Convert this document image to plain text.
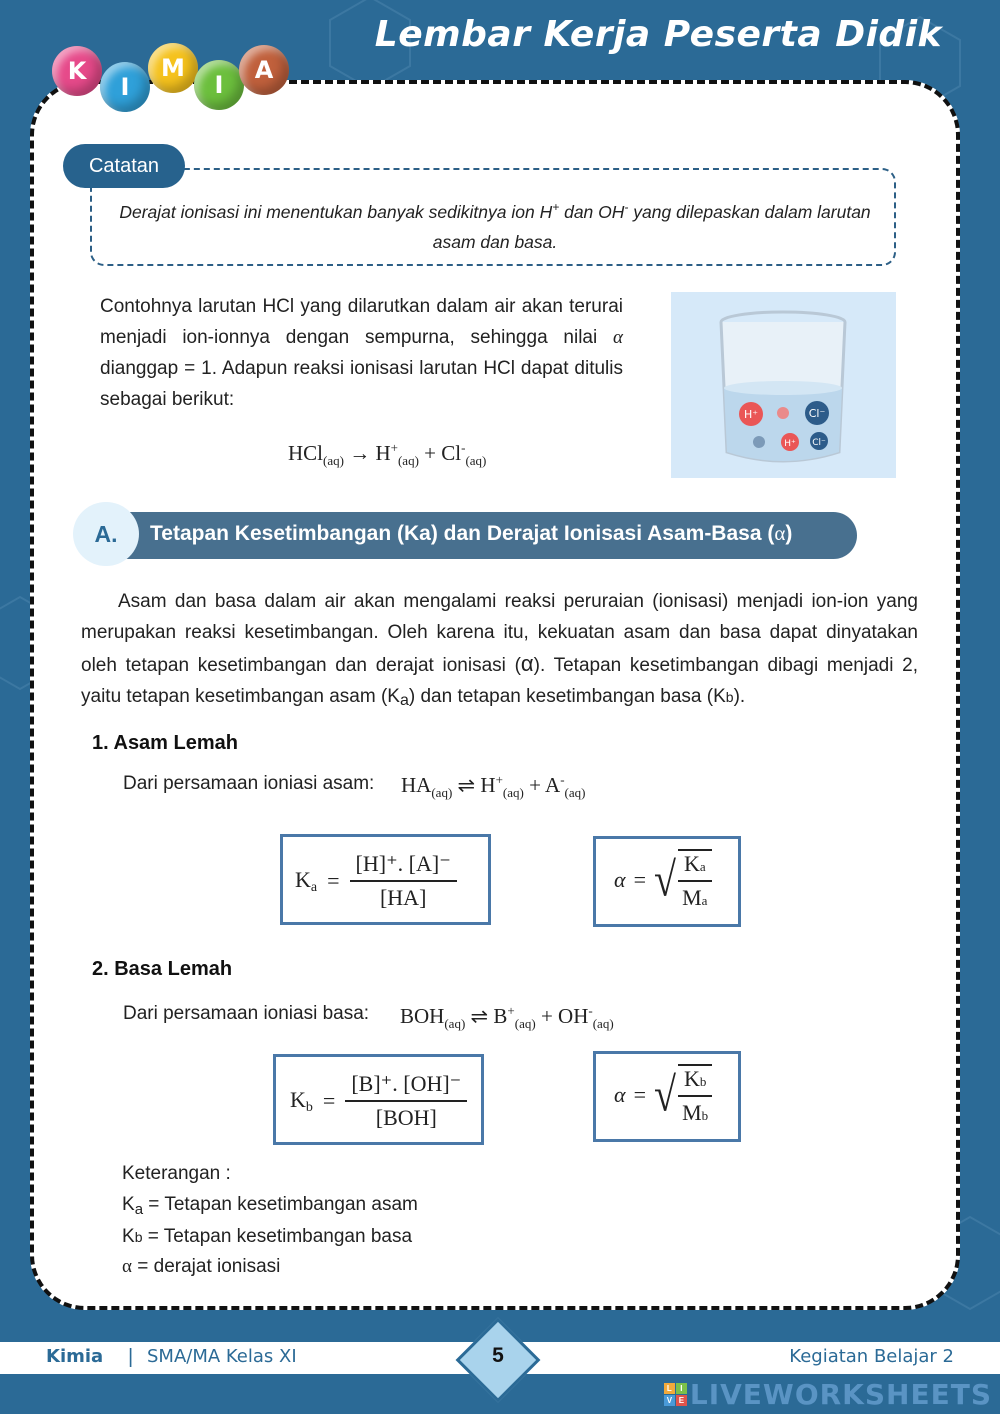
Lembar Kerja Peserta Didik
K
I
M
I
A
Catatan
Derajat ionisasi ini menentukan banyak sedikitnya ion H+ dan OH- yang dilepaskan dalam larutan asam dan basa.
Contohnya larutan HCl yang dilarutkan dalam air akan terurai menjadi ion-ionnya dengan sempurna, sehingga nilai α dianggap = 1. Adapun reaksi ionisasi larutan HCl dapat ditulis sebagai berikut:
$HCl_{(aq)} \to H^+_{(aq)} + Cl^-_{(aq)}$
H⁺	Cl⁻
H⁺ Cl⁻
A.	Tetapan Kesetimbangan (Ka) dan Derajat Ionisasi Asam-Basa (α)
Asam dan basa dalam air akan mengalami reaksi peruraian (ionisasi) menjadi ion-ion yang merupakan reaksi kesetimbangan. Oleh karena itu, kekuatan asam dan basa dapat dinyatakan oleh tetapan kesetimbangan dan derajat ionisasi (α). Tetapan kesetimbangan dibagi menjadi 2, yaitu tetapan kesetimbangan asam (Ka) dan tetapan kesetimbangan basa (Kb).
1. Asam Lemah
Dari persamaan ioniasi asam: $HA_{(aq)}$ ⇌ $H^+_{(aq)} + A^-_{(aq)}$
$K_a = \frac{[H]^+. [A]^-}{[HA]}$	α = √ $\frac{Ka}{Ma}$
2. Basa Lemah
Dari persamaan ioniasi basa: $BOH_{(aq)}$ ⇌ $B^+_{(aq)} + OH^-_{(aq)}$
$K_b = \frac{[B]^+. [OH]^-}{\text{[BOH]}}$	α = √ $\frac{Kb}{Mb}$
Keterangan :
$K_a$ = Tetapan kesetimbangan asam
Kb = Tetapan kesetimbangan basa
α = derajat ionisasi
Kimia | SMA/MA Kelas XI	5	Kegiatan Belajar 2
L	I
V E LIVEWORKSHEETS
